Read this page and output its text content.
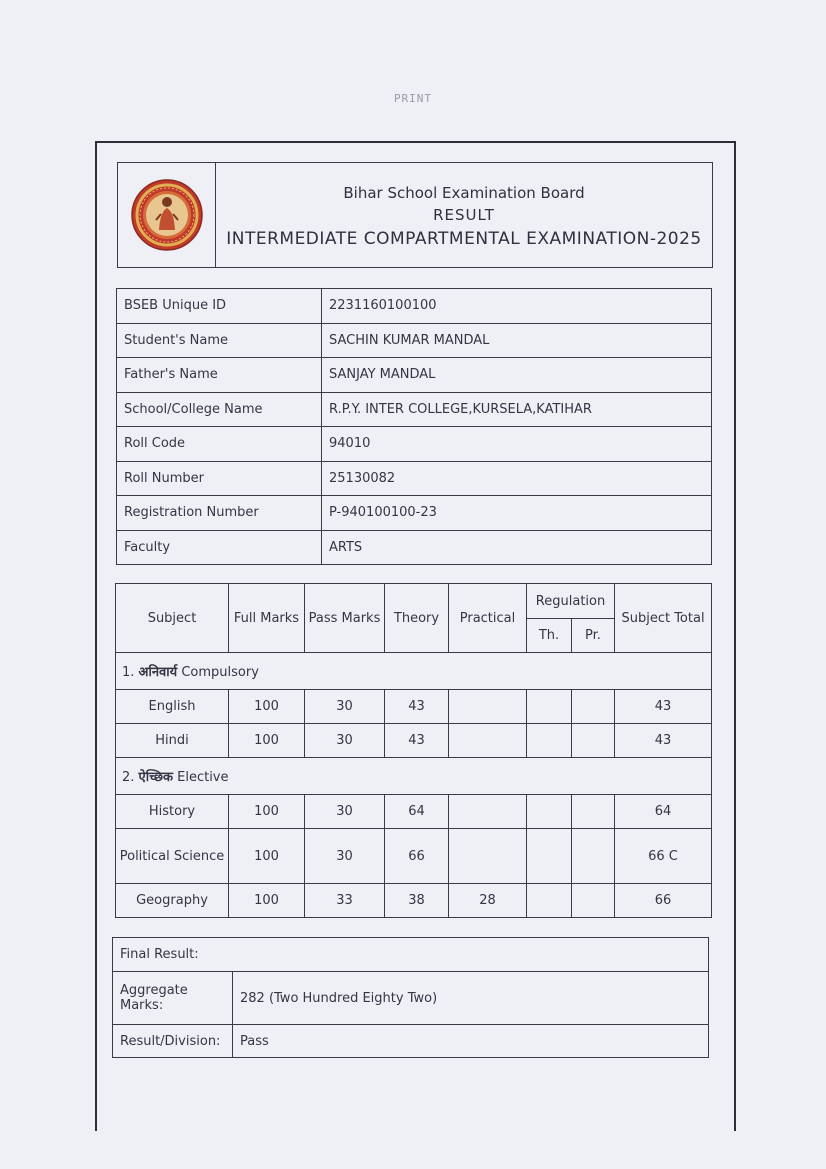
PRINT
Bihar School Examination Board
RESULT
INTERMEDIATE COMPARTMENTAL EXAMINATION-2025
BSEB Unique ID	2231160100100
Student's Name	SACHIN KUMAR MANDAL
Father's Name	SANJAY MANDAL
School/College Name	R.P.Y. INTER COLLEGE,KURSELA,KATIHAR
Roll Code	94010
Roll Number	25130082
Registration Number	P-940100100-23
Faculty	ARTS
Subject	Full Marks	Pass Marks	Theory	Practical	Regulation		Subject Total
					Th.	Pr.	
1. अनिवार्य Compulsory							
English	100	30	43				43
Hindi	100	30	43				43
2. ऐच्छिक Elective							
History	100	30	64				64
Political Science	100	30	66				66 C
Geography	100	33	38	28			66
Final Result:	
Aggregate Marks:	282 (Two Hundred Eighty Two)
Result/Division:	Pass
